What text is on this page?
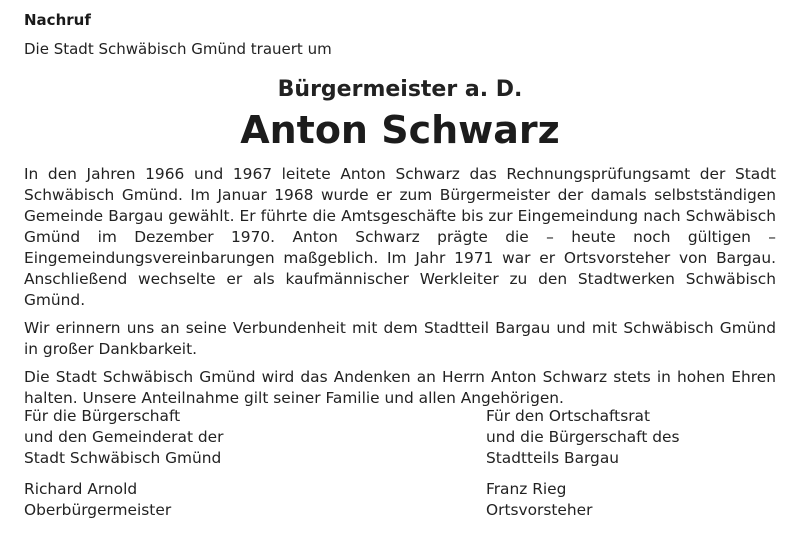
Nachruf

Die Stadt Schwäbisch Gmünd trauert um

Bürgermeister a. D.
Anton Schwarz

In den Jahren 1966 und 1967 leitete Anton Schwarz das Rechnungsprüfungsamt der Stadt Schwäbisch Gmünd. Im Januar 1968 wurde er zum Bürgermeister der damals selbstständigen Gemeinde Bargau gewählt. Er führte die Amtsgeschäfte bis zur Eingemeindung nach Schwäbisch Gmünd im Dezember 1970. Anton Schwarz prägte die – heute noch gültigen – Eingemeindungsvereinbarungen maßgeblich. Im Jahr 1971 war er Ortsvorsteher von Bargau. Anschließend wechselte er als kaufmännischer Werkleiter zu den Stadtwerken Schwäbisch Gmünd.

Wir erinnern uns an seine Verbundenheit mit dem Stadtteil Bargau und mit Schwäbisch Gmünd in großer Dankbarkeit.

Die Stadt Schwäbisch Gmünd wird das Andenken an Herrn Anton Schwarz stets in hohen Ehren halten. Unsere Anteilnahme gilt seiner Familie und allen Angehörigen.

Für die Bürgerschaft
und den Gemeinderat der
Stadt Schwäbisch Gmünd
Richard Arnold
Oberbürgermeister
Für den Ortschaftsrat
und die Bürgerschaft des
Stadtteils Bargau
Franz Rieg
Ortsvorsteher
